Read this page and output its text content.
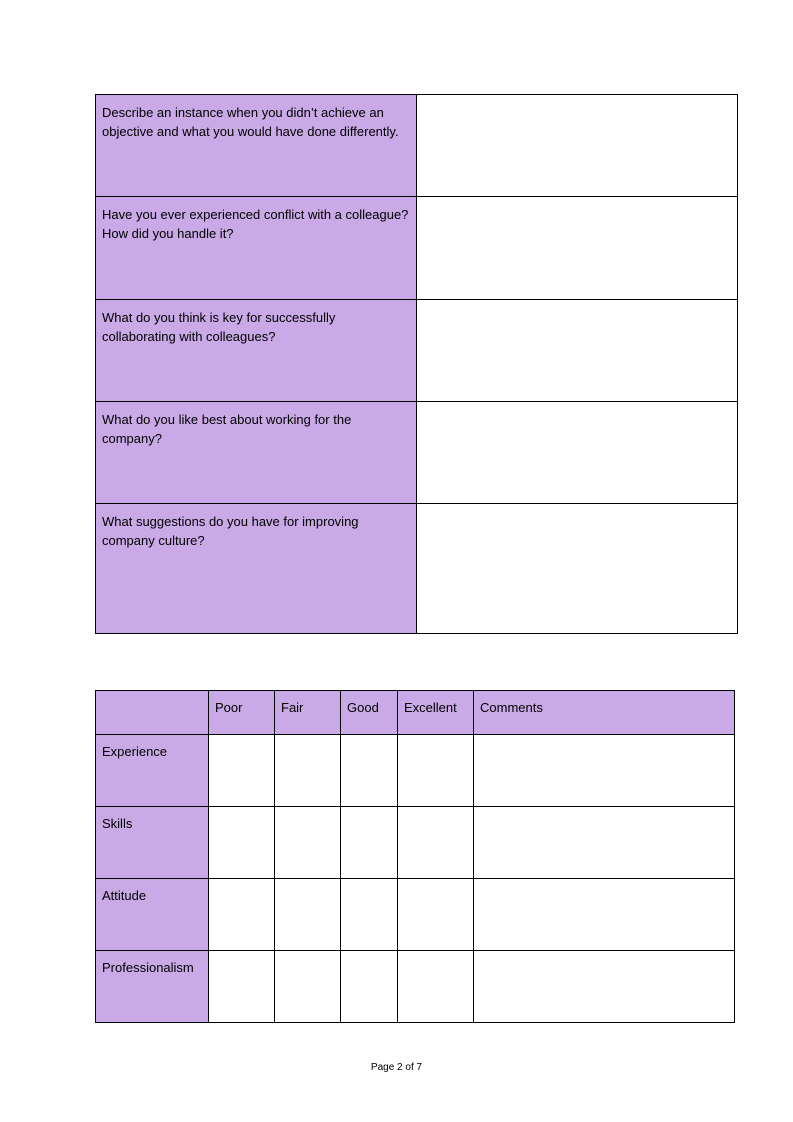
Describe an instance when you didn’t achieve an objective and what you would have done differently.	
Have you ever experienced conflict with a colleague? How did you handle it?	
What do you think is key for successfully collaborating with colleagues?	
What do you like best about working for the company?	
What suggestions do you have for improving company culture?	
	Poor	Fair	Good	Excellent	Comments
Experience					
Skills					
Attitude					
Professionalism					
Page 2 of 7
